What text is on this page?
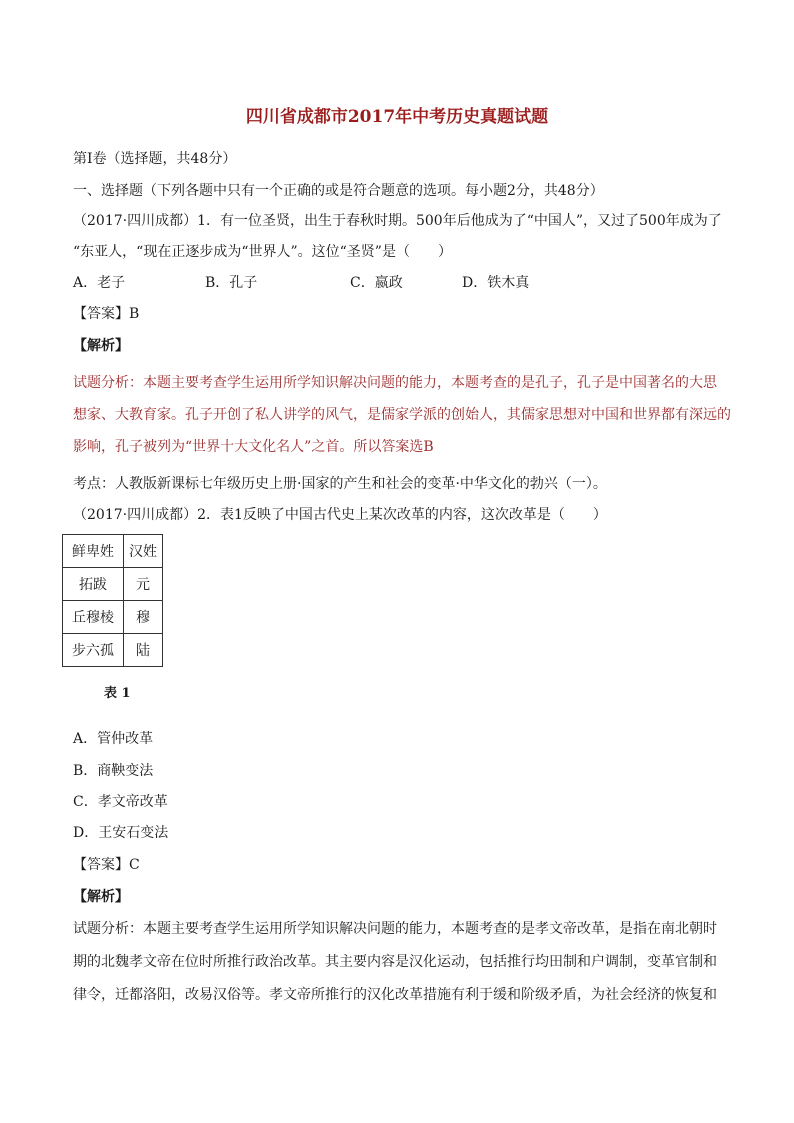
四川省成都市2017年中考历史真题试题
第I卷（选择题，共48分）
一、选择题（下列各题中只有一个正确的或是符合题意的选项。每小题2分，共48分）
（2017·四川成都）1．有一位圣贤，出生于春秋时期。500年后他成为了“中国人”，又过了500年成为了
“东亚人，“现在正逐步成为“世界人”。这位“圣贤”是（　　）
A．老子	B．孔子	C．嬴政	D．铁木真
【答案】B
【解析】
试题分析：本题主要考查学生运用所学知识解决问题的能力，本题考查的是孔子，孔子是中国著名的大思
想家、大教育家。孔子开创了私人讲学的风气，是儒家学派的创始人，其儒家思想对中国和世界都有深远的
影响，孔子被列为“世界十大文化名人”之首。所以答案选B
考点：人教版新课标七年级历史上册·国家的产生和社会的变革·中华文化的勃兴（一）。
（2017·四川成都）2．表1反映了中国古代史上某次改革的内容，这次改革是（　　）
鲜卑姓	汉姓
拓跋	元
丘穆棱	穆
步六孤	陆
表 1
A．管仲改革
B．商鞅变法
C．孝文帝改革
D．王安石变法
【答案】C
【解析】
试题分析：本题主要考查学生运用所学知识解决问题的能力，本题考查的是孝文帝改革，是指在南北朝时
期的北魏孝文帝在位时所推行政治改革。其主要内容是汉化运动，包括推行均田制和户调制，变革官制和
律令，迁都洛阳，改易汉俗等。孝文帝所推行的汉化改革措施有利于缓和阶级矛盾，为社会经济的恢复和
